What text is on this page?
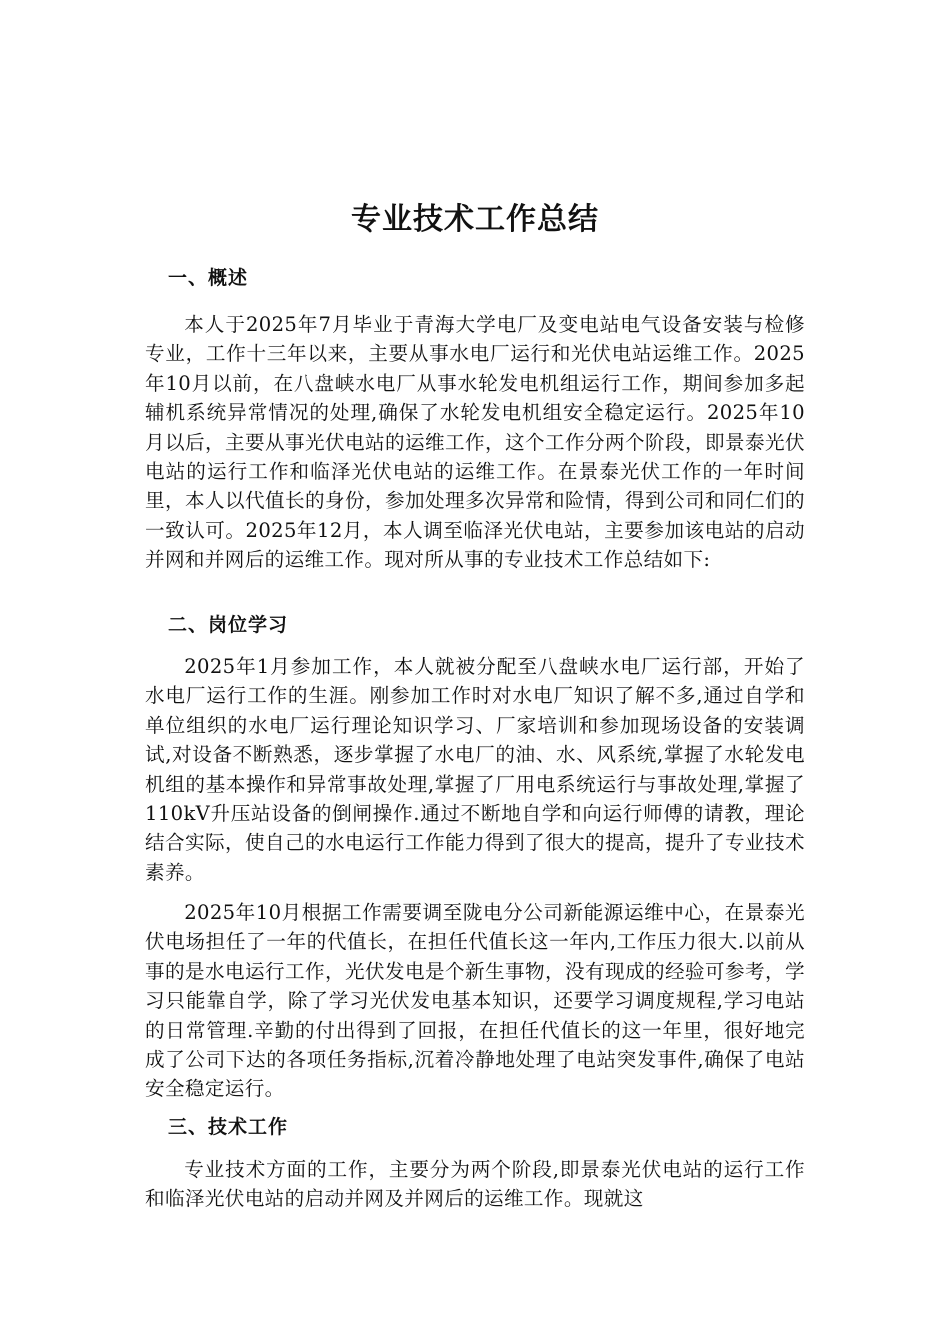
专业技术工作总结
一、概述

本人于2025年7月毕业于青海大学电厂及变电站电气设备安装与检修专业，工作十三年以来，主要从事水电厂运行和光伏电站运维工作。2025年10月以前，在八盘峡水电厂从事水轮发电机组运行工作，期间参加多起辅机系统异常情况的处理,确保了水轮发电机组安全稳定运行。2025年10月以后，主要从事光伏电站的运维工作，这个工作分两个阶段，即景泰光伏电站的运行工作和临泽光伏电站的运维工作。在景泰光伏工作的一年时间里，本人以代值长的身份，参加处理多次异常和险情，得到公司和同仁们的一致认可。2025年12月，本人调至临泽光伏电站，主要参加该电站的启动并网和并网后的运维工作。现对所从事的专业技术工作总结如下:

二、岗位学习

2025年1月参加工作，本人就被分配至八盘峡水电厂运行部，开始了水电厂运行工作的生涯。刚参加工作时对水电厂知识了解不多,通过自学和单位组织的水电厂运行理论知识学习、厂家培训和参加现场设备的安装调试,对设备不断熟悉，逐步掌握了水电厂的油、水、风系统,掌握了水轮发电机组的基本操作和异常事故处理,掌握了厂用电系统运行与事故处理,掌握了110kV升压站设备的倒闸操作.通过不断地自学和向运行师傅的请教，理论结合实际，使自己的水电运行工作能力得到了很大的提高，提升了专业技术素养。

2025年10月根据工作需要调至陇电分公司新能源运维中心，在景泰光伏电场担任了一年的代值长，在担任代值长这一年内,工作压力很大.以前从事的是水电运行工作，光伏发电是个新生事物，没有现成的经验可参考，学习只能靠自学，除了学习光伏发电基本知识，还要学习调度规程,学习电站的日常管理.辛勤的付出得到了回报，在担任代值长的这一年里，很好地完成了公司下达的各项任务指标,沉着冷静地处理了电站突发事件,确保了电站安全稳定运行。

三、技术工作

专业技术方面的工作，主要分为两个阶段,即景泰光伏电站的运行工作和临泽光伏电站的启动并网及并网后的运维工作。现就这
